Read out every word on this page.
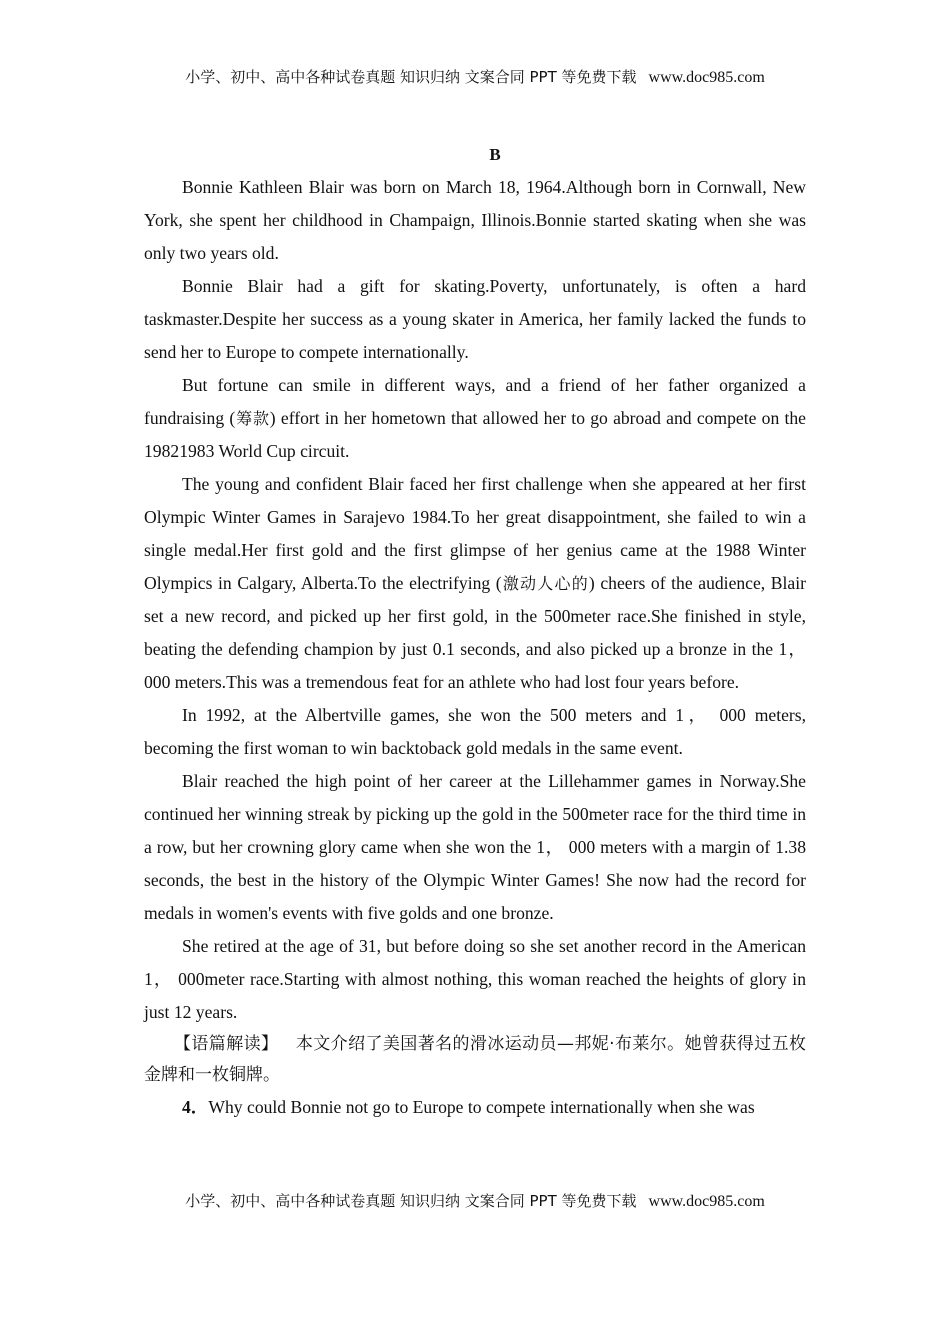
小学、初中、高中各种试卷真题 知识归纳 文案合同 PPT 等免费下载 www.doc985.com
B

Bonnie Kathleen Blair was born on March 18, 1964.Although born in Cornwall, New York, she spent her childhood in Champaign, Illinois.Bonnie started skating when she was only two years old.

Bonnie Blair had a gift for skating.Poverty, unfortunately, is often a hard taskmaster.Despite her success as a young skater in America, her family lacked the funds to send her to Europe to compete internationally.

But fortune can smile in different ways, and a friend of her father organized a fundraising (筹款) effort in her hometown that allowed her to go abroad and compete on the 19821983 World Cup circuit.

The young and confident Blair faced her first challenge when she appeared at her first Olympic Winter Games in Sarajevo 1984.To her great disappointment, she failed to win a single medal.Her first gold and the first glimpse of her genius came at the 1988 Winter Olympics in Calgary, Alberta.To the electrifying (激动人心的) cheers of the audience, Blair set a new record, and picked up her first gold, in the 500meter race.She finished in style, beating the defending champion by just 0.1 seconds, and also picked up a bronze in the 1， 000 meters.This was a tremendous feat for an athlete who had lost four years before.

In 1992, at the Albertville games, she won the 500 meters and 1， 000 meters, becoming the first woman to win backtoback gold medals in the same event.

Blair reached the high point of her career at the Lillehammer games in Norway.She continued her winning streak by picking up the gold in the 500meter race for the third time in a row, but her crowning glory came when she won the 1， 000 meters with a margin of 1.38 seconds, the best in the history of the Olympic Winter Games! She now had the record for medals in women's events with five golds and one bronze.

She retired at the age of 31, but before doing so she set another record in the American 1， 000meter race.Starting with almost nothing, this woman reached the heights of glory in just 12 years.

【语篇解读】 本文介绍了美国著名的滑冰运动员—邦妮·布莱尔。她曾获得过五枚金牌和一枚铜牌。

4．Why could Bonnie not go to Europe to compete internationally when she was

小学、初中、高中各种试卷真题 知识归纳 文案合同 PPT 等免费下载 www.doc985.com
